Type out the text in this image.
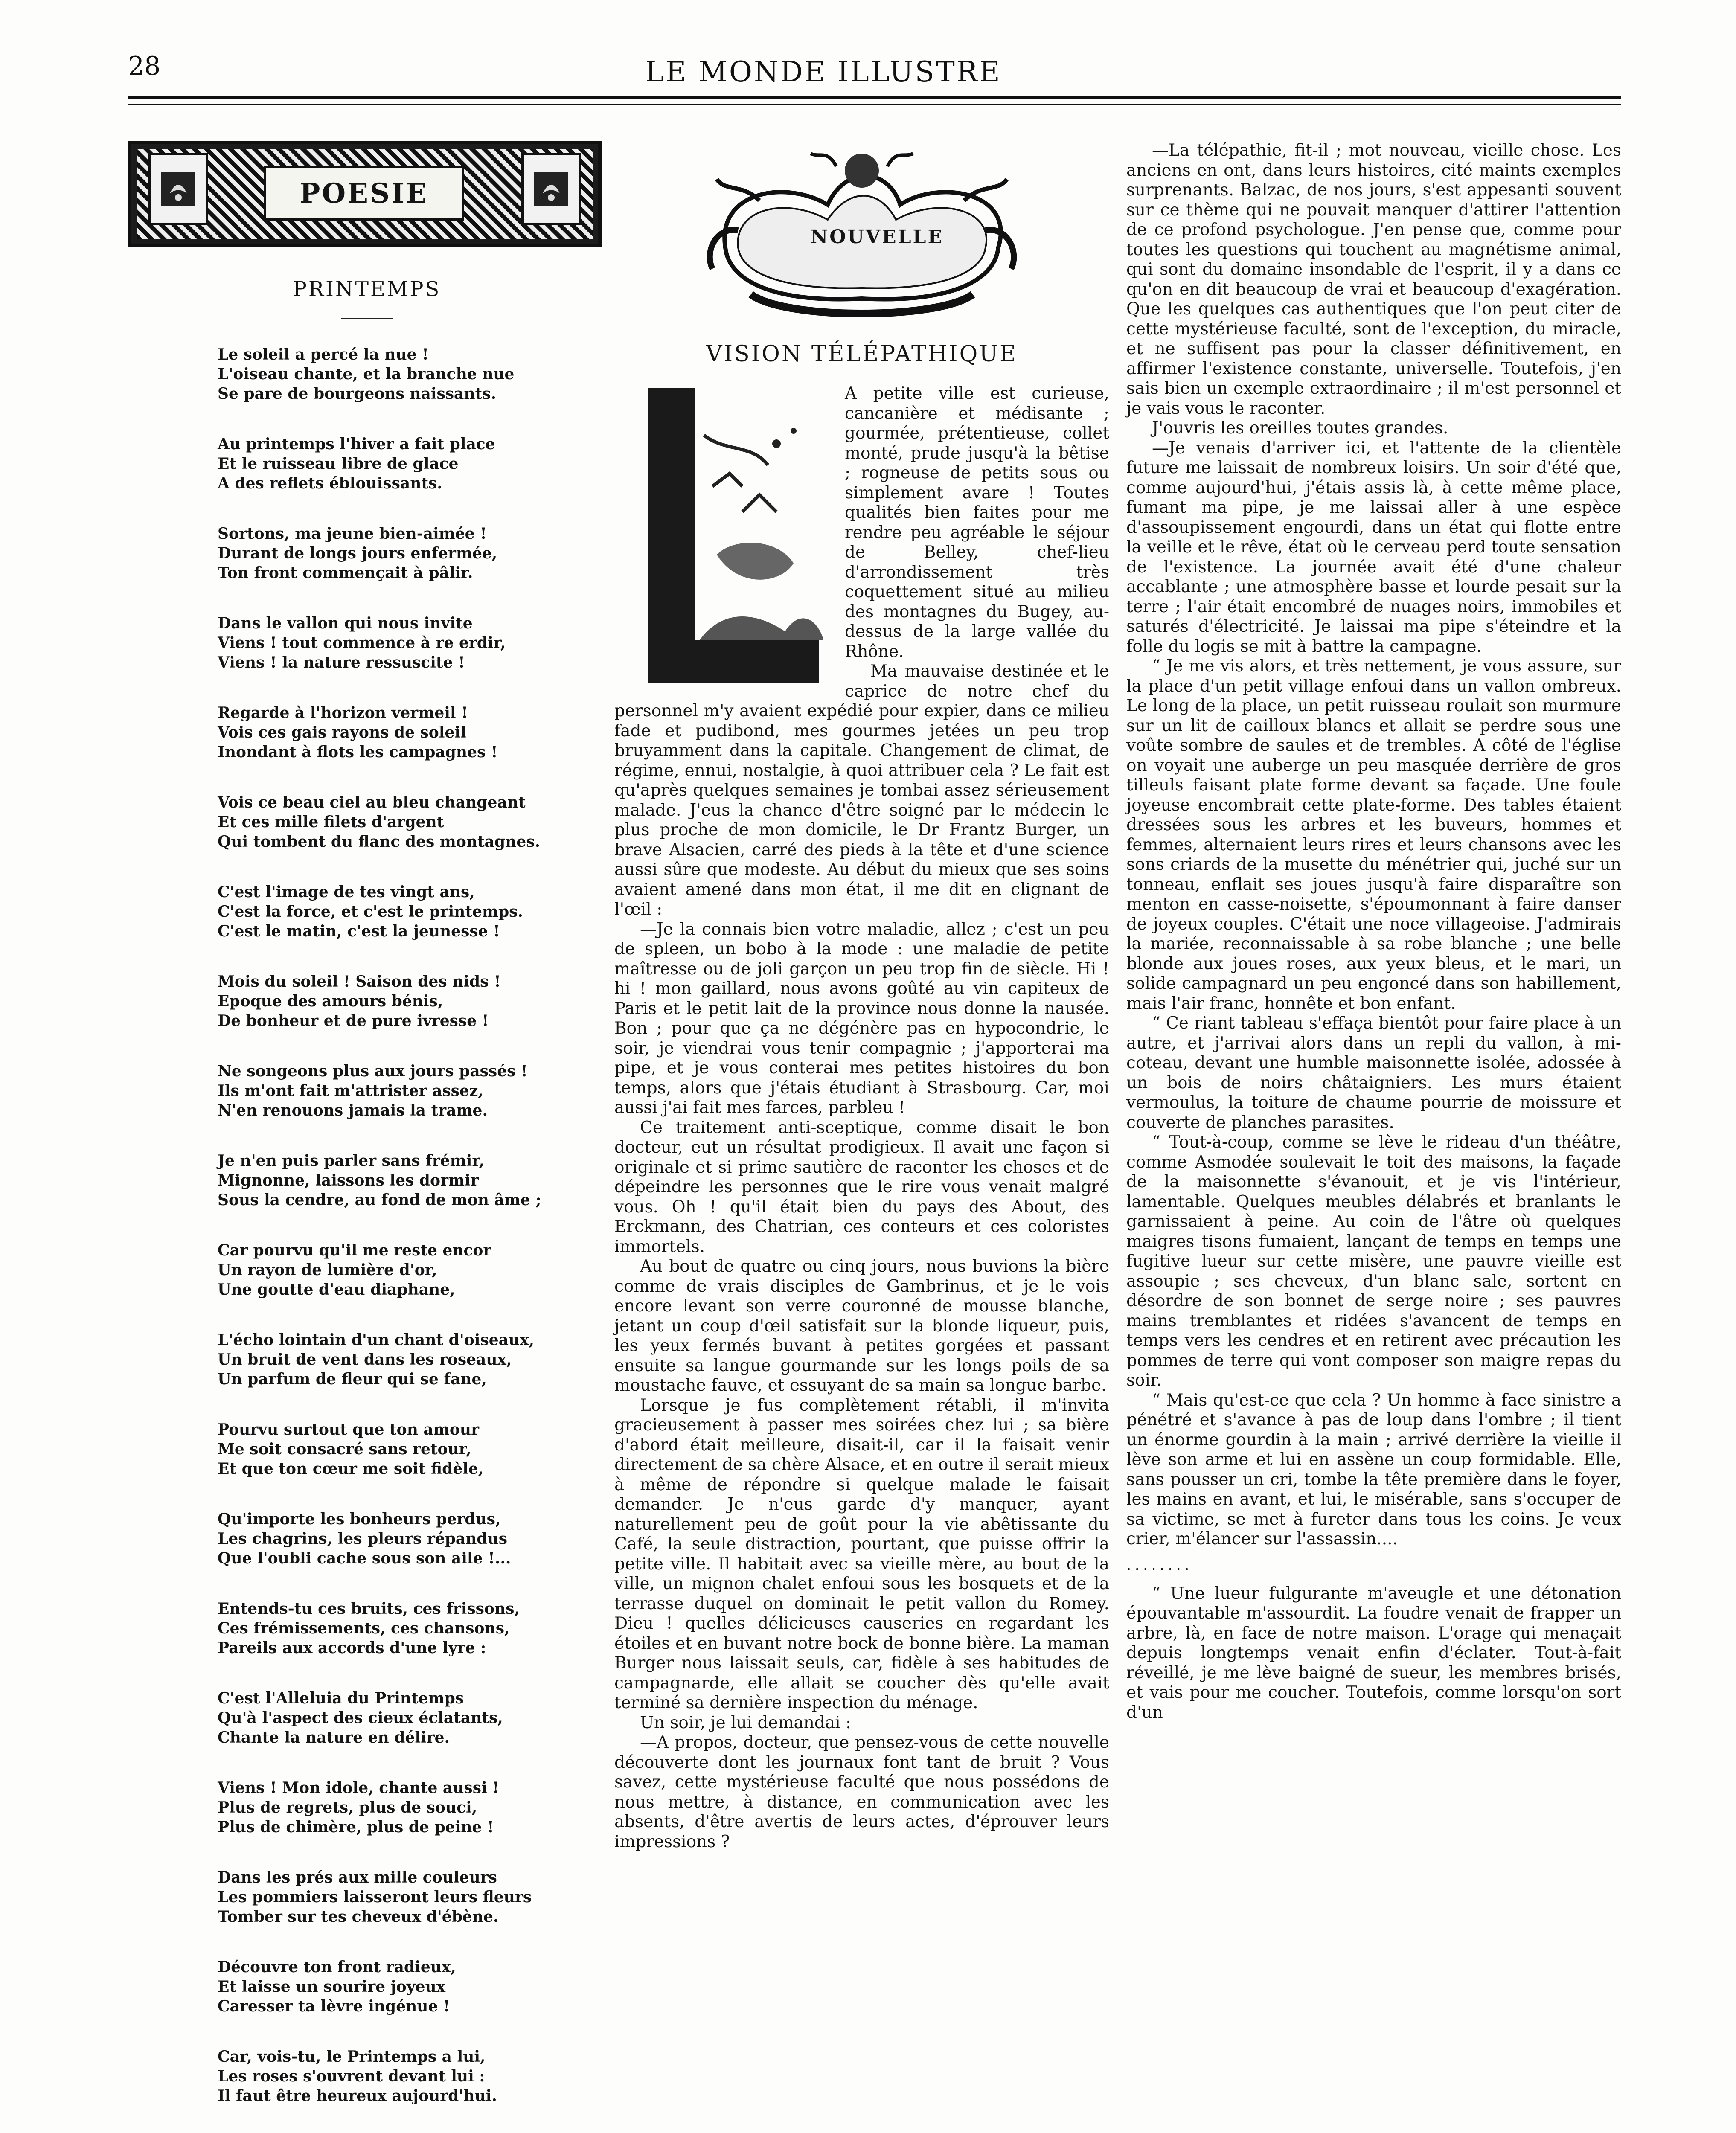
28	LE MONDE ILLUSTRE
POESIE
PRINTEMPS
Le soleil a percé la nue !
L'oiseau chante, et la branche nue
Se pare de bourgeons naissants.
Au printemps l'hiver a fait place
Et le ruisseau libre de glace
A des reflets éblouissants.
Sortons, ma jeune bien-aimée !
Durant de longs jours enfermée,
Ton front commençait à pâlir.
Dans le vallon qui nous invite
Viens ! tout commence à re erdir,
Viens ! la nature ressuscite !
Regarde à l'horizon vermeil !
Vois ces gais rayons de soleil
Inondant à flots les campagnes !
Vois ce beau ciel au bleu changeant
Et ces mille filets d'argent
Qui tombent du flanc des montagnes.
C'est l'image de tes vingt ans,
C'est la force, et c'est le printemps.
C'est le matin, c'est la jeunesse !
Mois du soleil ! Saison des nids !
Epoque des amours bénis,
De bonheur et de pure ivresse !
Ne songeons plus aux jours passés !
Ils m'ont fait m'attrister assez,
N'en renouons jamais la trame.
Je n'en puis parler sans frémir,
Mignonne, laissons les dormir
Sous la cendre, au fond de mon âme ;
Car pourvu qu'il me reste encor
Un rayon de lumière d'or,
Une goutte d'eau diaphane,
L'écho lointain d'un chant d'oiseaux,
Un bruit de vent dans les roseaux,
Un parfum de fleur qui se fane,
Pourvu surtout que ton amour
Me soit consacré sans retour,
Et que ton cœur me soit fidèle,
Qu'importe les bonheurs perdus,
Les chagrins, les pleurs répandus
Que l'oubli cache sous son aile !...
Entends-tu ces bruits, ces frissons,
Ces frémissements, ces chansons,
Pareils aux accords d'une lyre :
C'est l'Alleluia du Printemps
Qu'à l'aspect des cieux éclatants,
Chante la nature en délire.
Viens ! Mon idole, chante aussi !
Plus de regrets, plus de souci,
Plus de chimère, plus de peine !
Dans les prés aux mille couleurs
Les pommiers laisseront leurs fleurs
Tomber sur tes cheveux d'ébène.
Découvre ton front radieux,
Et laisse un sourire joyeux
Caresser ta lèvre ingénue !
Car, vois-tu, le Printemps a lui,
Les roses s'ouvrent devant lui :
Il faut être heureux aujourd'hui.
NOUVELLE
VISION TÉLÉPATHIQUE

A petite ville est curieuse, cancanière et médisante ; gourmée, prétentieuse, collet monté, prude jusqu'à la bêtise ; rogneuse de petits sous ou simplement avare ! Toutes qualités bien faites pour me rendre peu agréable le séjour de Belley, chef-lieu d'arrondissement très coquettement situé au milieu des montagnes du Bugey, au-dessus de la large vallée du Rhône.

Ma mauvaise destinée et le caprice de notre chef du personnel m'y avaient expédié pour expier, dans ce milieu fade et pudibond, mes gourmes jetées un peu trop bruyamment dans la capitale. Changement de climat, de régime, ennui, nostalgie, à quoi attribuer cela ? Le fait est qu'après quelques semaines je tombai assez sérieusement malade. J'eus la chance d'être soigné par le médecin le plus proche de mon domicile, le Dr Frantz Burger, un brave Alsacien, carré des pieds à la tête et d'une science aussi sûre que modeste. Au début du mieux que ses soins avaient amené dans mon état, il me dit en clignant de l'œil :

—Je la connais bien votre maladie, allez ; c'est un peu de spleen, un bobo à la mode : une maladie de petite maîtresse ou de joli garçon un peu trop fin de siècle. Hi ! hi ! mon gaillard, nous avons goûté au vin capiteux de Paris et le petit lait de la province nous donne la nausée. Bon ; pour que ça ne dégénère pas en hypocondrie, le soir, je viendrai vous tenir compagnie ; j'apporterai ma pipe, et je vous conterai mes petites histoires du bon temps, alors que j'étais étudiant à Strasbourg. Car, moi aussi j'ai fait mes farces, parbleu !

Ce traitement anti-sceptique, comme disait le bon docteur, eut un résultat prodigieux. Il avait une façon si originale et si prime sautière de raconter les choses et de dépeindre les personnes que le rire vous venait malgré vous. Oh ! qu'il était bien du pays des About, des Erckmann, des Chatrian, ces conteurs et ces coloristes immortels.

Au bout de quatre ou cinq jours, nous buvions la bière comme de vrais disciples de Gambrinus, et je le vois encore levant son verre couronné de mousse blanche, jetant un coup d'œil satisfait sur la blonde liqueur, puis, les yeux fermés buvant à petites gorgées et passant ensuite sa langue gourmande sur les longs poils de sa moustache fauve, et essuyant de sa main sa longue barbe.

Lorsque je fus complètement rétabli, il m'invita gracieusement à passer mes soirées chez lui ; sa bière d'abord était meilleure, disait-il, car il la faisait venir directement de sa chère Alsace, et en outre il serait mieux à même de répondre si quelque malade le faisait demander. Je n'eus garde d'y manquer, ayant naturellement peu de goût pour la vie abêtissante du Café, la seule distraction, pourtant, que puisse offrir la petite ville. Il habitait avec sa vieille mère, au bout de la ville, un mignon chalet enfoui sous les bosquets et de la terrasse duquel on dominait le petit vallon du Romey. Dieu ! quelles délicieuses causeries en regardant les étoiles et en buvant notre bock de bonne bière. La maman Burger nous laissait seuls, car, fidèle à ses habitudes de campagnarde, elle allait se coucher dès qu'elle avait terminé sa dernière inspection du ménage.

Un soir, je lui demandai :

—A propos, docteur, que pensez-vous de cette nouvelle découverte dont les journaux font tant de bruit ? Vous savez, cette mystérieuse faculté que nous possédons de nous mettre, à distance, en communication avec les absents, d'être avertis de leurs actes, d'éprouver leurs impressions ?

—La télépathie, fit-il ; mot nouveau, vieille chose. Les anciens en ont, dans leurs histoires, cité maints exemples surprenants. Balzac, de nos jours, s'est appesanti souvent sur ce thème qui ne pouvait manquer d'attirer l'attention de ce profond psychologue. J'en pense que, comme pour toutes les questions qui touchent au magnétisme animal, qui sont du domaine insondable de l'esprit, il y a dans ce qu'on en dit beaucoup de vrai et beaucoup d'exagération. Que les quelques cas authentiques que l'on peut citer de cette mystérieuse faculté, sont de l'exception, du miracle, et ne suffisent pas pour la classer définitivement, en affirmer l'existence constante, universelle. Toutefois, j'en sais bien un exemple extraordinaire ; il m'est personnel et je vais vous le raconter.

J'ouvris les oreilles toutes grandes.

—Je venais d'arriver ici, et l'attente de la clientèle future me laissait de nombreux loisirs. Un soir d'été que, comme aujourd'hui, j'étais assis là, à cette même place, fumant ma pipe, je me laissai aller à une espèce d'assoupissement engourdi, dans un état qui flotte entre la veille et le rêve, état où le cerveau perd toute sensation de l'existence. La journée avait été d'une chaleur accablante ; une atmosphère basse et lourde pesait sur la terre ; l'air était encombré de nuages noirs, immobiles et saturés d'électricité. Je laissai ma pipe s'éteindre et la folle du logis se mit à battre la campagne.

“ Je me vis alors, et très nettement, je vous assure, sur la place d'un petit village enfoui dans un vallon ombreux. Le long de la place, un petit ruisseau roulait son murmure sur un lit de cailloux blancs et allait se perdre sous une voûte sombre de saules et de trembles. A côté de l'église on voyait une auberge un peu masquée derrière de gros tilleuls faisant plate forme devant sa façade. Une foule joyeuse encombrait cette plate-forme. Des tables étaient dressées sous les arbres et les buveurs, hommes et femmes, alternaient leurs rires et leurs chansons avec les sons criards de la musette du ménétrier qui, juché sur un tonneau, enflait ses joues jusqu'à faire disparaître son menton en casse-noisette, s'époumonnant à faire danser de joyeux couples. C'était une noce villageoise. J'admirais la mariée, reconnaissable à sa robe blanche ; une belle blonde aux joues roses, aux yeux bleus, et le mari, un solide campagnard un peu engoncé dans son habillement, mais l'air franc, honnête et bon enfant.

“ Ce riant tableau s'effaça bientôt pour faire place à un autre, et j'arrivai alors dans un repli du vallon, à mi-coteau, devant une humble maisonnette isolée, adossée à un bois de noirs châtaigniers. Les murs étaient vermoulus, la toiture de chaume pourrie de moissure et couverte de planches parasites.

“ Tout-à-coup, comme se lève le rideau d'un théâtre, comme Asmodée soulevait le toit des maisons, la façade de la maisonnette s'évanouit, et je vis l'intérieur, lamentable. Quelques meubles délabrés et branlants le garnissaient à peine. Au coin de l'âtre où quelques maigres tisons fumaient, lançant de temps en temps une fugitive lueur sur cette misère, une pauvre vieille est assoupie ; ses cheveux, d'un blanc sale, sortent en désordre de son bonnet de serge noire ; ses pauvres mains tremblantes et ridées s'avancent de temps en temps vers les cendres et en retirent avec précaution les pommes de terre qui vont composer son maigre repas du soir.

“ Mais qu'est-ce que cela ? Un homme à face sinistre a pénétré et s'avance à pas de loup dans l'ombre ; il tient un énorme gourdin à la main ; arrivé derrière la vieille il lève son arme et lui en assène un coup formidable. Elle, sans pousser un cri, tombe la tête première dans le foyer, les mains en avant, et lui, le misérable, sans s'occuper de sa victime, se met à fureter dans tous les coins. Je veux crier, m'élancer sur l'assassin....

........

“ Une lueur fulgurante m'aveugle et une détonation épouvantable m'assourdit. La foudre venait de frapper un arbre, là, en face de notre maison. L'orage qui menaçait depuis longtemps venait enfin d'éclater. Tout-à-fait réveillé, je me lève baigné de sueur, les membres brisés, et vais pour me coucher. Toutefois, comme lorsqu'on sort d'un
